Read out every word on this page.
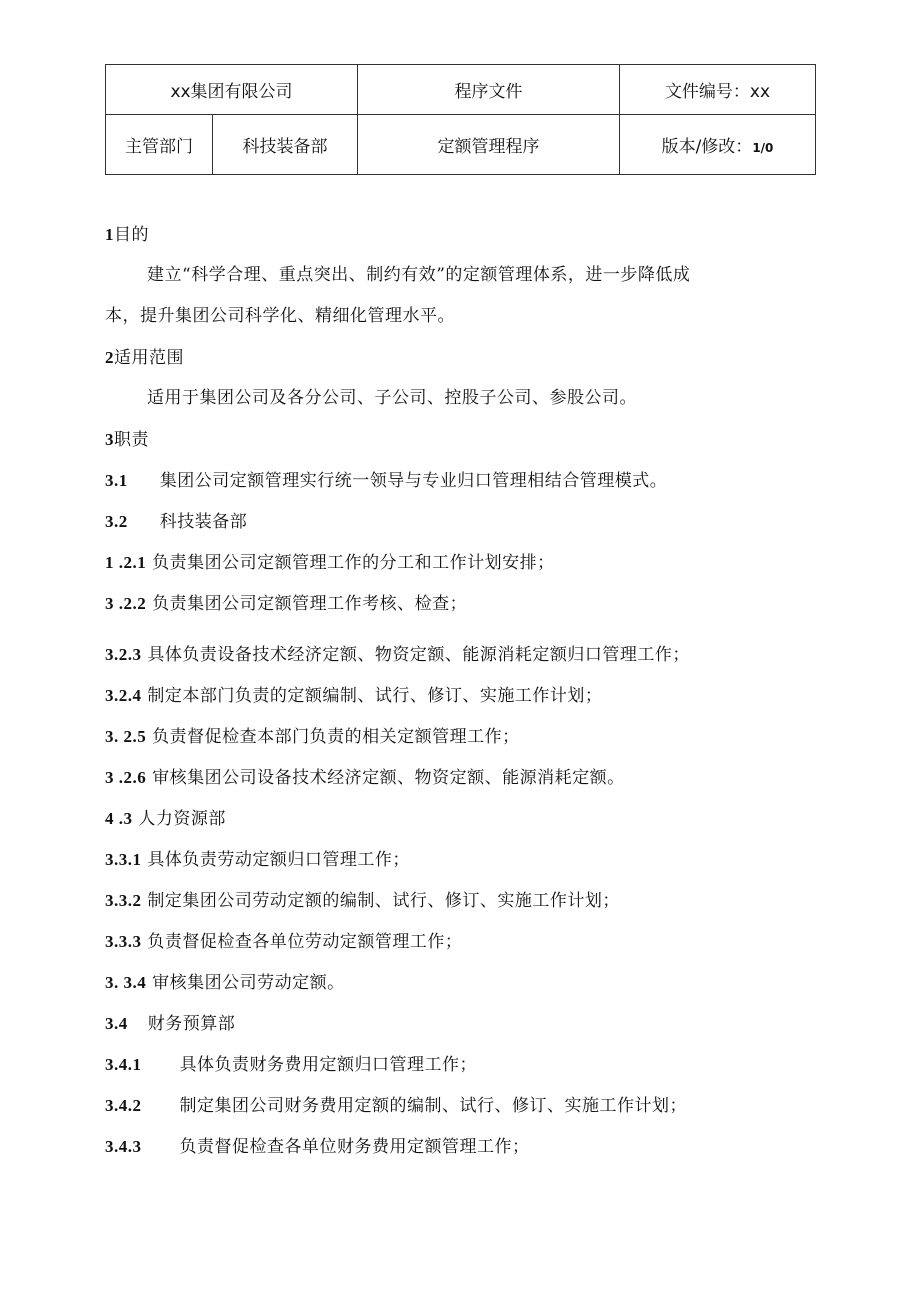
xx集团有限公司		程序文件	文件编号：xx
主管部门	科技装备部	定额管理程序	版本/修改：1/0
1目的
建立“科学合理、重点突出、制约有效”的定额管理体系，进一步降低成
本，提升集团公司科学化、精细化管理水平。
2适用范围
适用于集团公司及各分公司、子公司、控股子公司、参股公司。
3职责
3.1 集团公司定额管理实行统一领导与专业归口管理相结合管理模式。
3.2 科技装备部
1 .2.1 负责集团公司定额管理工作的分工和工作计划安排；
3 .2.2 负责集团公司定额管理工作考核、检查；
3.2.3 具体负责设备技术经济定额、物资定额、能源消耗定额归口管理工作；
3.2.4 制定本部门负责的定额编制、试行、修订、实施工作计划；
3. 2.5 负责督促检查本部门负责的相关定额管理工作；
3 .2.6 审核集团公司设备技术经济定额、物资定额、能源消耗定额。
4 .3 人力资源部
3.3.1 具体负责劳动定额归口管理工作；
3.3.2 制定集团公司劳动定额的编制、试行、修订、实施工作计划；
3.3.3 负责督促检查各单位劳动定额管理工作；
3. 3.4 审核集团公司劳动定额。
3.4 财务预算部
3.4.1 具体负责财务费用定额归口管理工作；
3.4.2 制定集团公司财务费用定额的编制、试行、修订、实施工作计划；
3.4.3 负责督促检查各单位财务费用定额管理工作；
